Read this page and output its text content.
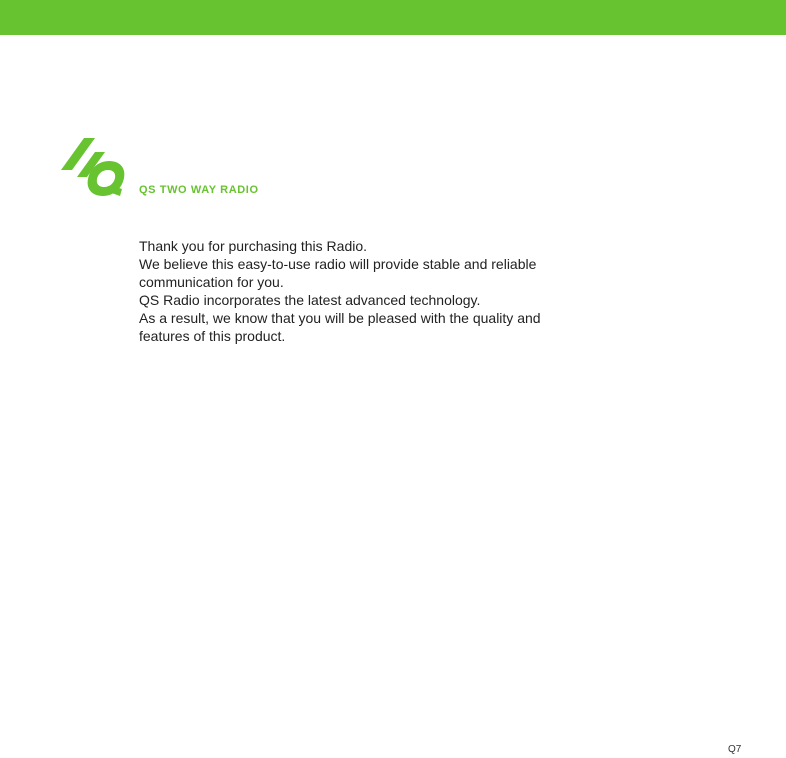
QS TWO WAY RADIO
Thank you for purchasing this Radio.
We believe this easy-to-use radio will provide stable and reliable
communication for you.
QS Radio incorporates the latest advanced technology.
As a result, we know that you will be pleased with the quality and
features of this product.
Q7
